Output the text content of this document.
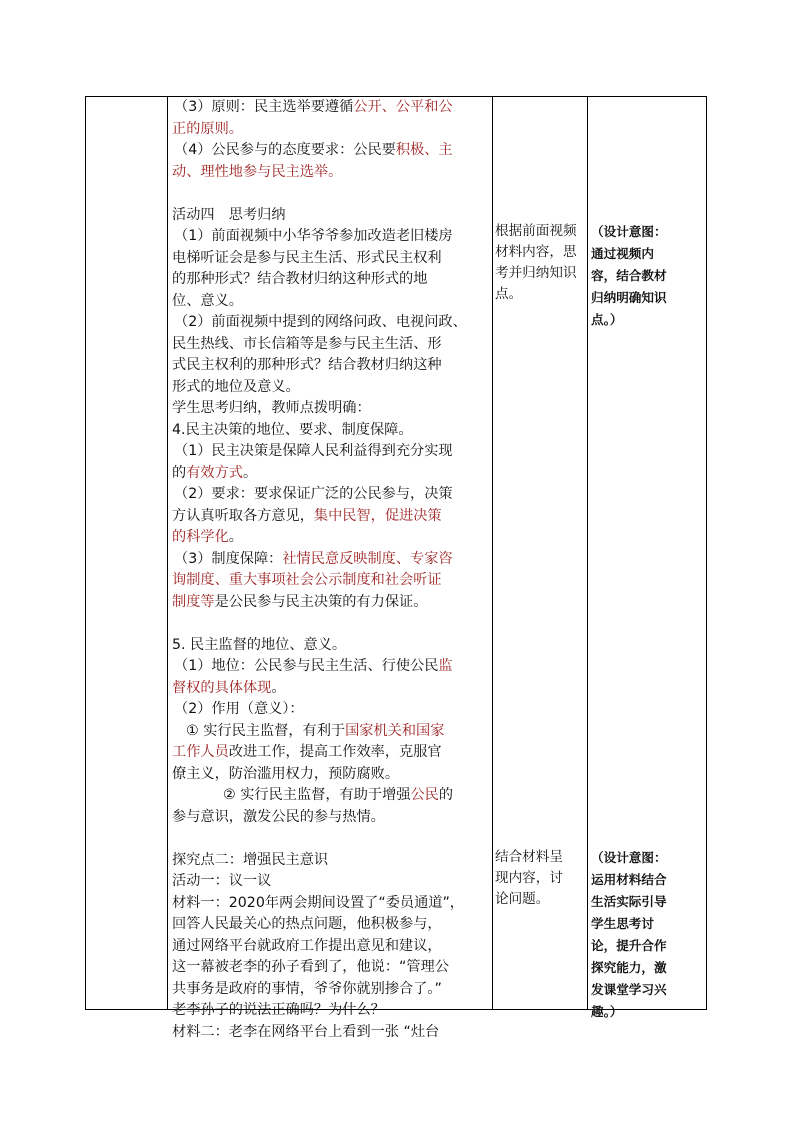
（3）原则：民主选举要遵循公开、公平和公
正的原则。
（4）公民参与的态度要求：公民要积极、主
动、理性地参与民主选举。
活动四　思考归纳
（1）前面视频中小华爷爷参加改造老旧楼房
电梯听证会是参与民主生活、形式民主权利
的那种形式？结合教材归纳这种形式的地
位、意义。
（2）前面视频中提到的网络问政、电视问政、
民生热线、市长信箱等是参与民主生活、形
式民主权利的那种形式？结合教材归纳这种
形式的地位及意义。
学生思考归纳，教师点拨明确：
4.民主决策的地位、要求、制度保障。
（1）民主决策是保障人民利益得到充分实现
的有效方式。
（2）要求：要求保证广泛的公民参与，决策
方认真听取各方意见，集中民智，促进决策
的科学化。
（3）制度保障：社情民意反映制度、专家咨
询制度、重大事项社会公示制度和社会听证
制度等是公民参与民主决策的有力保证。
5. 民主监督的地位、意义。
（1）地位：公民参与民主生活、行使公民监
督权的具体体现。
（2）作用（意义）：
① 实行民主监督，有利于国家机关和国家
工作人员改进工作，提高工作效率，克服官
僚主义，防治滥用权力，预防腐败。
② 实行民主监督，有助于增强公民的
参与意识，激发公民的参与热情。
探究点二：增强民主意识
活动一：议一议
材料一：2020年两会期间设置了“委员通道”，
回答人民最关心的热点问题，他积极参与，
通过网络平台就政府工作提出意见和建议，
这一幕被老李的孙子看到了，他说：“管理公
共事务是政府的事情，爷爷你就别掺合了。”
老李孙子的说法正确吗？为什么？
材料二：老李在网络平台上看到一张 “灶台
根据前面视频
材料内容，思
考并归纳知识
点。
结合材料呈
现内容，讨
论问题。
（设计意图：
通过视频内
容，结合教材
归纳明确知识
点。）
（设计意图：
运用材料结合
生活实际引导
学生思考讨
论，提升合作
探究能力，激
发课堂学习兴
趣。）
